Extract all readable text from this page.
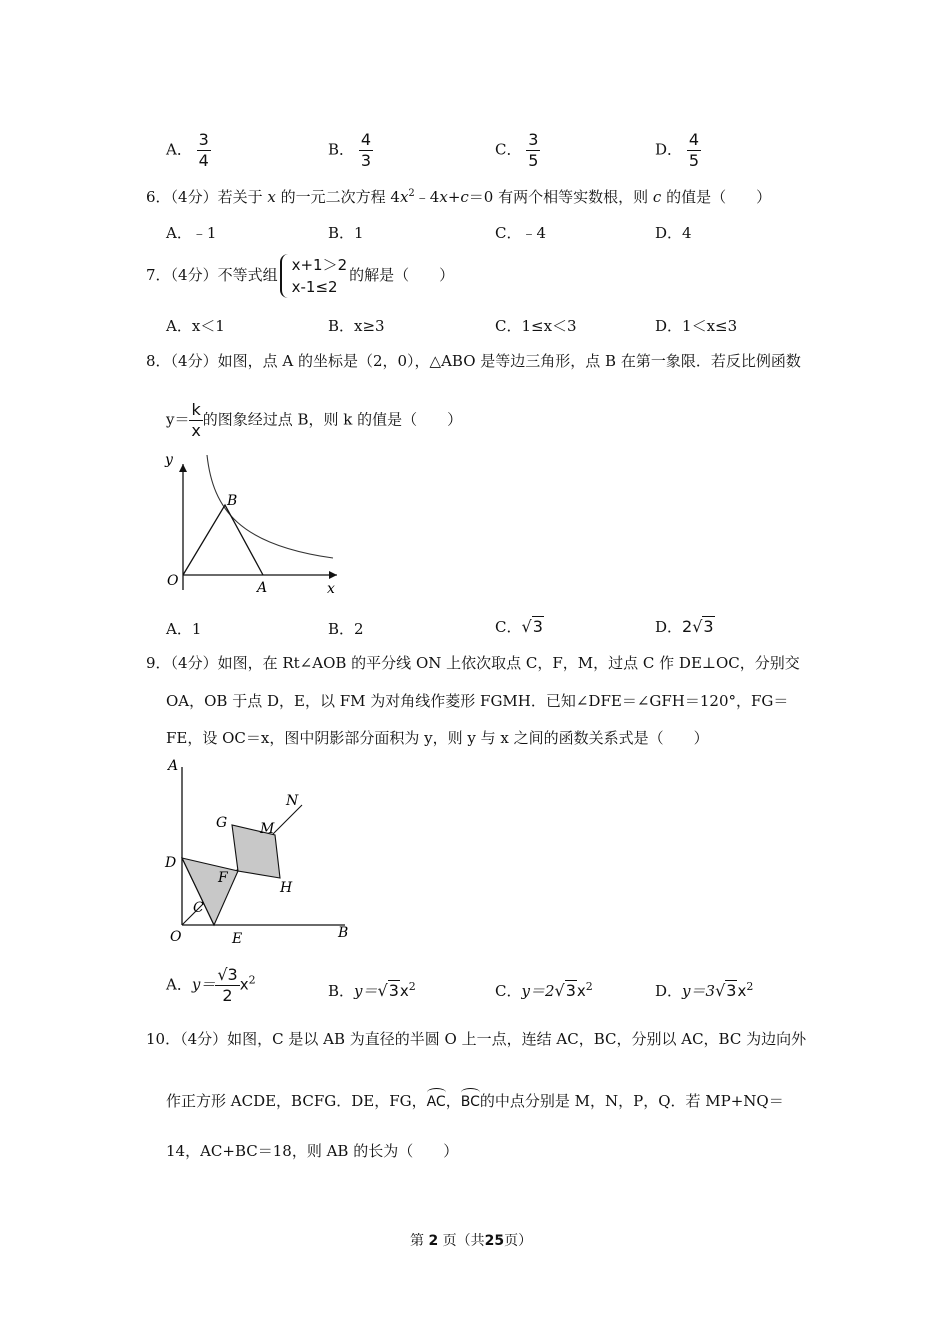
A． $\frac{3}{4}$	B． $\frac{4}{3}$	C． $\frac{3}{5}$	D． $\frac{4}{5}$
6．（4分）若关于 x 的一元二次方程 $4x^2﹣4x+c=0$ 有两个相等实数根，则 c 的值是（　　）
A．﹣1	B．1	C．﹣4	D．4
7．（4分）不等式组
x+1＞2
x-1≤2
的解是（　　）
A．x＜1	B．x≥3	C．1≤x＜3	D．1＜x≤3
8．（4分）如图，点 A 的坐标是（2，0），△ABO 是等边三角形，点 B 在第一象限．若反比例函数
$y= \frac{k}{x}$ 的图象经过点 B，则 k 的值是（　　）
y
x
O	A
B
A．1	B．2	C．√3	D．2√3
9．（4分）如图，在 Rt∠AOB 的平分线 ON 上依次取点 C，F，M，过点 C 作 DE⊥OC，分别交
OA，OB 于点 D，E，以 FM 为对角线作菱形 FGMH．已知∠DFE＝∠GFH＝120°，FG＝
FE，设 OC＝x，图中阴影部分面积为 y，则 y 与 x 之间的函数关系式是（　　）
A
N
G M
D
F
H
C
O	E	B
A．$y= \frac{√3}{2} x^2$
B．$y=√3x^2$	C．$y=2√3x^2$	D．$y=3√3x^2$
10．（4分）如图，C 是以 AB 为直径的半圆 O 上一点，连结 AC，BC，分别以 AC，BC 为边向外
作正方形 ACDE，BCFG．DE，FG，AC，BC的中点分别是 M，N，P，Q．若 MP+NQ＝
14，AC+BC＝18，则 AB 的长为（　　）
第 2 页（共25页）
